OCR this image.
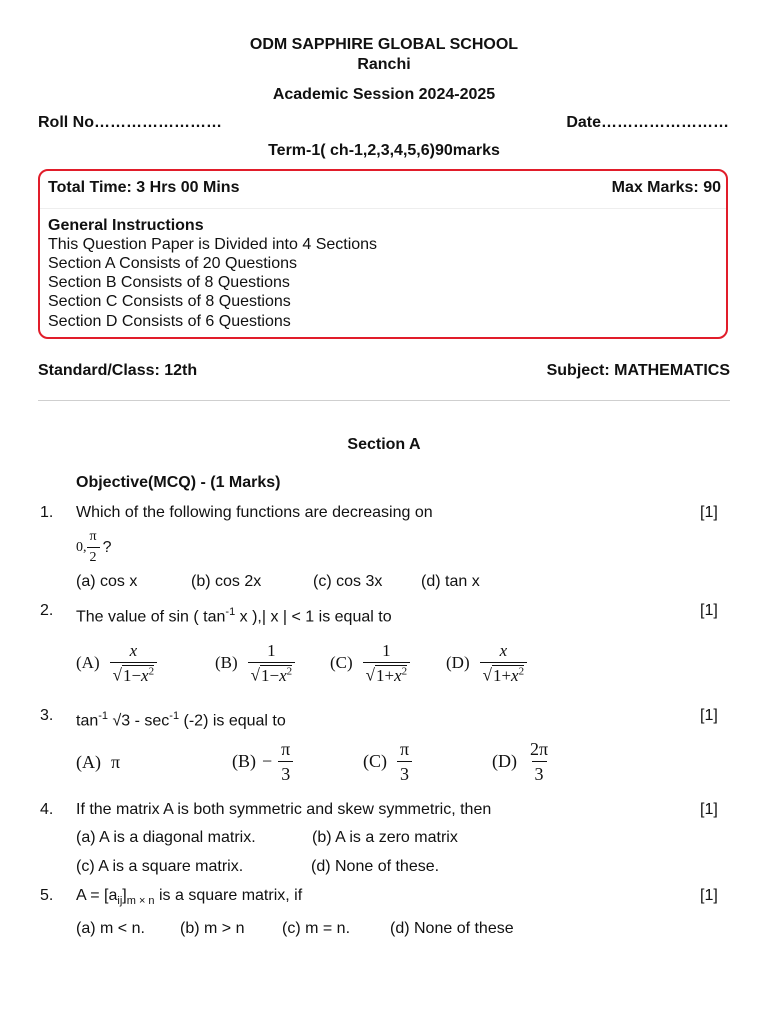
ODM SAPPHIRE GLOBAL SCHOOL
Ranchi
Academic Session 2024-2025
Roll No……………………	Date……………………
Term-1( ch-1,2,3,4,5,6)90marks
Total Time: 3 Hrs 00 Mins	Max Marks: 90
General Instructions
This Question Paper is Divided into 4 Sections
Section A Consists of 20 Questions
Section B Consists of 8 Questions
Section C Consists of 8 Questions
Section D Consists of 6 Questions
Standard/Class: 12th	Subject: MATHEMATICS
Section A
Objective(MCQ) - (1 Marks)
1. Which of the following functions are decreasing on	[1]
0, $\frac{\pi}{2}$ ?
(a) cos x	(b) cos 2x	(c) cos 3x (d) tan x
2. The value of sin ( $\tan^{-1} x$ ),| x | < 1 is equal to	[1]
$(A) \frac{x}{√1-x^2}$	$(B) \frac{1}{√1-x^2} (C) \frac{1}{√1+x^2} (D) \frac{x}{√1+x^2}$
3. $\tan^{-1} √3 - \sec^{-1} (-2)$ is equal to	[1]
(A) π	$(B) - \frac{\pi}{3}$	$(C) \frac{\pi}{3}$	$(D) \frac{2\pi}{3}$
4. If the matrix A is both symmetric and skew symmetric, then	[1]
(a) A is a diagonal matrix.	(b) A is a zero matrix
(c) A is a square matrix.	(d) None of these.
5. $A = [a_{ij}]_{m \times n}$ is a square matrix, if	[1]
(a) m < n. (b) m > n (c) m = n. (d) None of these
